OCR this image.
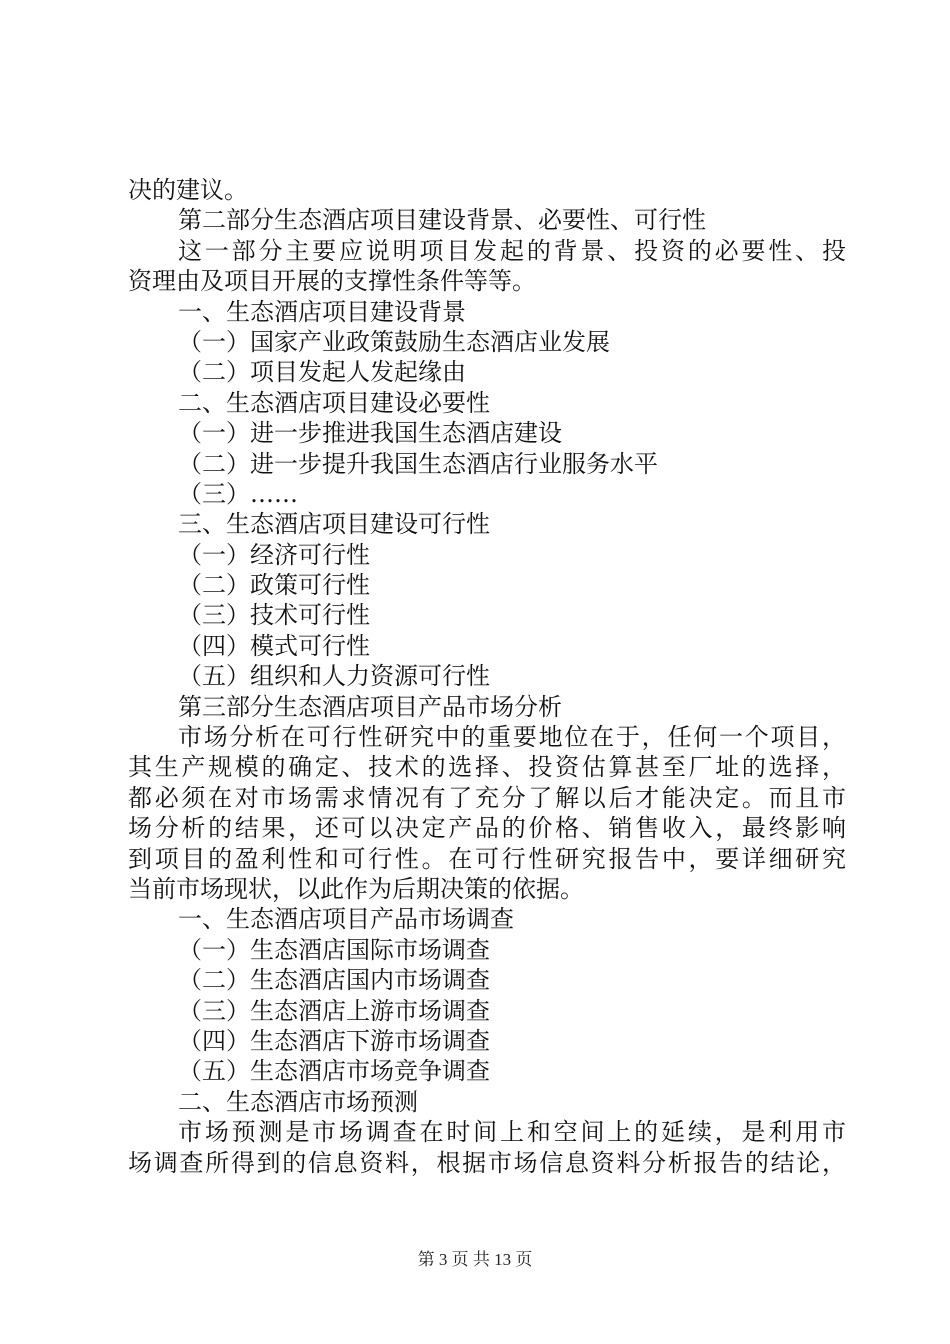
决的建议。

第二部分生态酒店项目建设背景、必要性、可行性

这一部分主要应说明项目发起的背景、投资的必要性、投

资理由及项目开展的支撑性条件等等。

一、生态酒店项目建设背景

（一）国家产业政策鼓励生态酒店业发展

（二）项目发起人发起缘由

二、生态酒店项目建设必要性

（一）进一步推进我国生态酒店建设

（二）进一步提升我国生态酒店行业服务水平

（三）……

三、生态酒店项目建设可行性

（一）经济可行性

（二）政策可行性

（三）技术可行性

（四）模式可行性

（五）组织和人力资源可行性

第三部分生态酒店项目产品市场分析

市场分析在可行性研究中的重要地位在于，任何一个项目，

其生产规模的确定、技术的选择、投资估算甚至厂址的选择，

都必须在对市场需求情况有了充分了解以后才能决定。而且市

场分析的结果，还可以决定产品的价格、销售收入，最终影响

到项目的盈利性和可行性。在可行性研究报告中，要详细研究

当前市场现状，以此作为后期决策的依据。

一、生态酒店项目产品市场调查

（一）生态酒店国际市场调查

（二）生态酒店国内市场调查

（三）生态酒店上游市场调查

（四）生态酒店下游市场调查

（五）生态酒店市场竞争调查

二、生态酒店市场预测

市场预测是市场调查在时间上和空间上的延续，是利用市

场调查所得到的信息资料，根据市场信息资料分析报告的结论，

第 3 页 共 13 页
